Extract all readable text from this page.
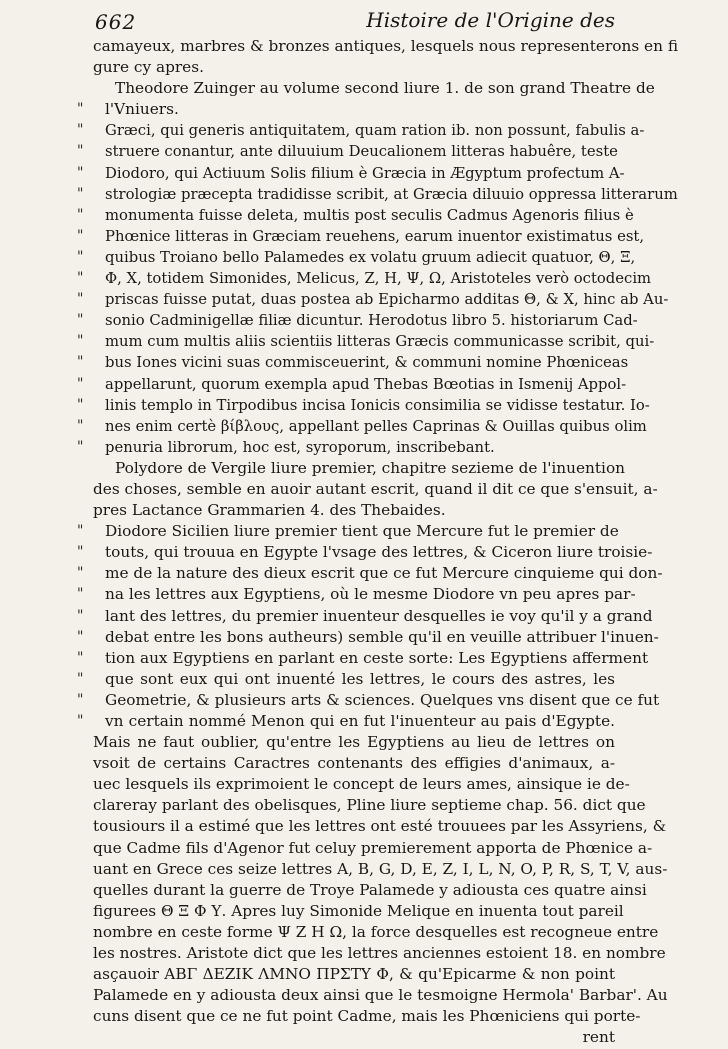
662	Histoire de l'Origine des
camayeux, marbres & bronzes antiques, lesquels nous representerons en fi
gure cy apres.
Theodore Zuinger au volume second liure 1. de son grand Theatre de
" l'Vniuers.
" Græci, qui generis antiquitatem, quam ration ib. non possunt, fabulis a-
" struere conantur, ante diluuium Deucalionem litteras habuêre, teste
" Diodoro, qui Actiuum Solis filium è Græcia in Ægyptum profectum A-
" strologiæ præcepta tradidisse scribit, at Græcia diluuio oppressa litterarum
" monumenta fuisse deleta, multis post seculis Cadmus Agenoris filius è
" Phœnice litteras in Græciam reuehens, earum inuentor existimatus est,
" quibus Troiano bello Palamedes ex volatu gruum adiecit quatuor, Θ, Ξ,
" Φ, Χ, totidem Simonides, Melicus, Ζ, Η, Ψ, Ω, Aristoteles verò octodecim
" priscas fuisse putat, duas postea ab Epicharmo additas Θ, & Χ, hinc ab Au-
" sonio Cadminigellæ filiæ dicuntur. Herodotus libro 5. historiarum Cad-
" mum cum multis aliis scientiis litteras Græcis communicasse scribit, qui-
" bus Iones vicini suas commisceuerint, & communi nomine Phœniceas
" appellarunt, quorum exempla apud Thebas Bœotias in Ismenij Appol-
" linis templo in Tirpodibus incisa Ionicis consimilia se vidisse testatur. Io-
" nes enim certè βίβλους, appellant pelles Caprinas & Ouillas quibus olim
" penuria librorum, hoc est, syroporum, inscribebant.
Polydore de Vergile liure premier, chapitre sezieme de l'inuention
des choses, semble en auoir autant escrit, quand il dit ce que s'ensuit, a-
pres Lactance Grammarien 4. des Thebaides.
" Diodore Sicilien liure premier tient que Mercure fut le premier de
" touts, qui trouua en Egypte l'vsage des lettres, & Ciceron liure troisie-
" me de la nature des dieux escrit que ce fut Mercure cinquieme qui don-
" na les lettres aux Egyptiens, où le mesme Diodore vn peu apres par-
" lant des lettres, du premier inuenteur desquelles ie voy qu'il y a grand
" debat entre les bons autheurs) semble qu'il en veuille attribuer l'inuen-
" tion aux Egyptiens en parlant en ceste sorte: Les Egyptiens afferment
" que sont eux qui ont inuenté les lettres, le cours des astres, les
" Geometrie, & plusieurs arts & sciences. Quelques vns disent que ce fut
" vn certain nommé Menon qui en fut l'inuenteur au pais d'Egypte.
Mais ne faut oublier, qu'entre les Egyptiens au lieu de lettres on
vsoit de certains Caractres contenants des effigies d'animaux, a-
uec lesquels ils exprimoient le concept de leurs ames, ainsique ie de-
clareray parlant des obelisques, Pline liure septieme chap. 56. dict que
tousiours il a estimé que les lettres ont esté trouuees par les Assyriens, &
que Cadme fils d'Agenor fut celuy premierement apporta de Phœnice a-
uant en Grece ces seize lettres A, B, G, D, E, Z, I, L, N, O, P, R, S, T, V, aus-
quelles durant la guerre de Troye Palamede y adiousta ces quatre ainsi
figurees Θ Ξ Φ Υ. Apres luy Simonide Melique en inuenta tout pareil
nombre en ceste forme Ψ Ζ Η Ω, la force desquelles est recogneue entre
les nostres. Aristote dict que les lettres anciennes estoient 18. en nombre
asçauoir ΑΒΓ ΔΕΖΙΚ ΛΜΝΟ ΠΡΣΤΥ Φ, & qu'Epicarme & non point
Palamede en y adiousta deux ainsi que le tesmoigne Hermola' Barbar'. Au
cuns disent que ce ne fut point Cadme, mais les Phœniciens qui porte-
rent
